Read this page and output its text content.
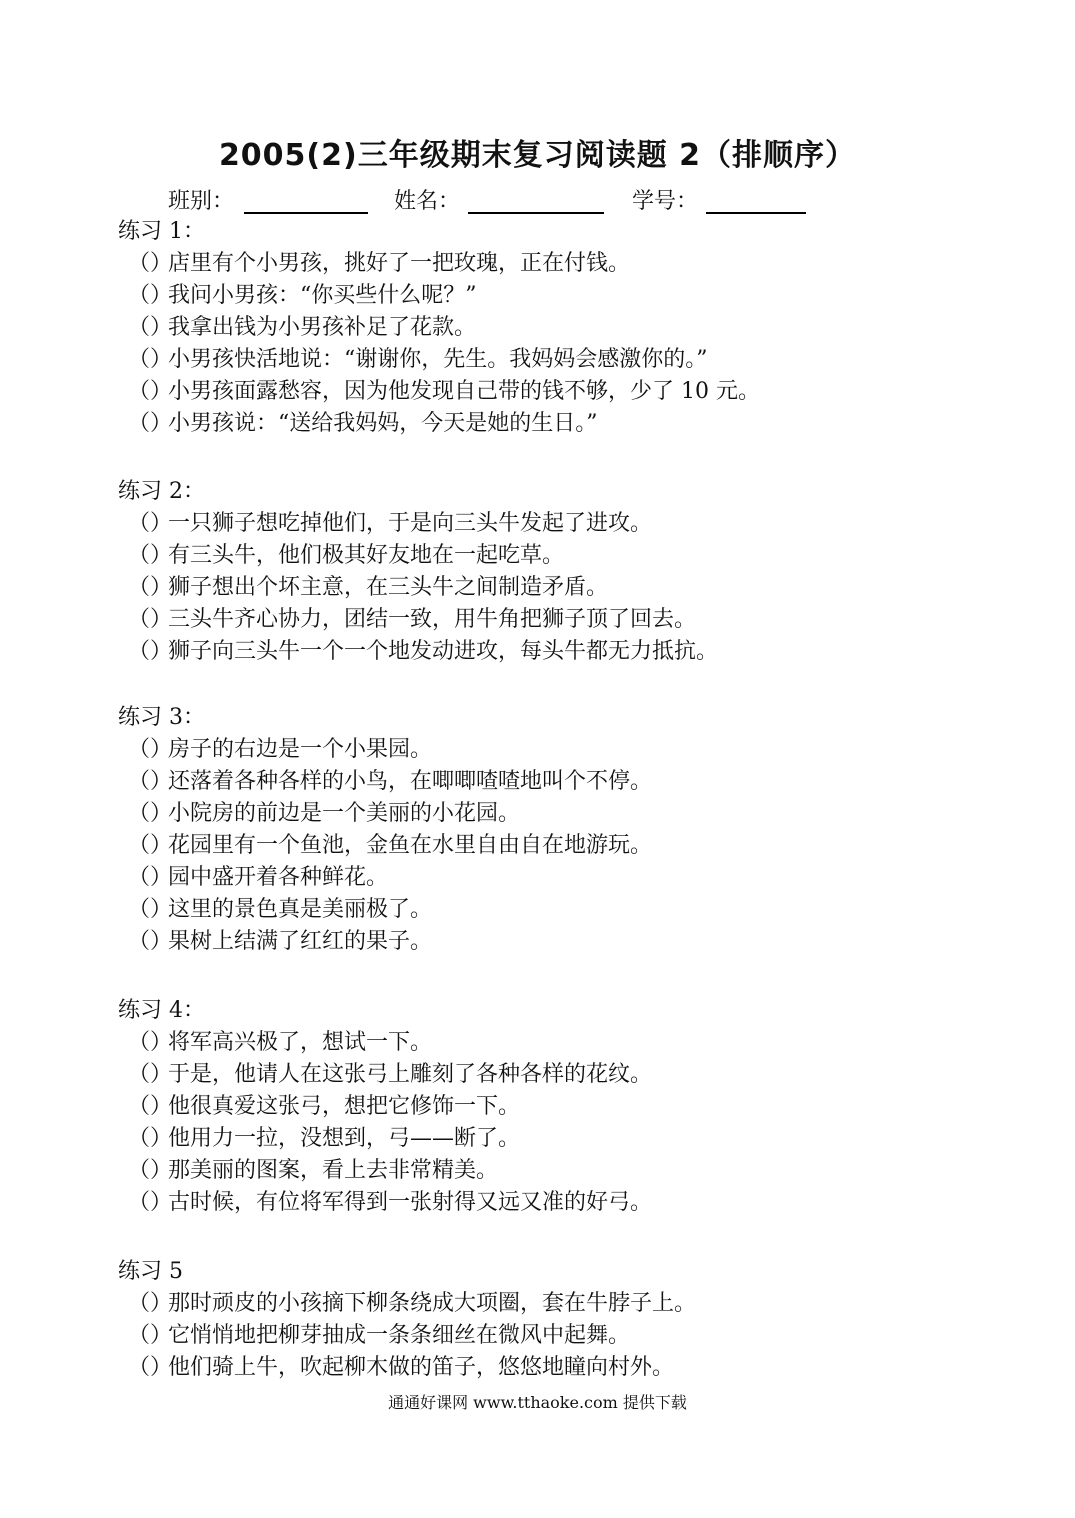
2005(2)三年级期末复习阅读题 2（排顺序）
班别：	姓名：	学号：
练习 1：
（）店里有个小男孩，挑好了一把玫瑰，正在付钱。
（）我问小男孩：“你买些什么呢？”
（）我拿出钱为小男孩补足了花款。
（）小男孩快活地说：“谢谢你，先生。我妈妈会感激你的。”
（）小男孩面露愁容，因为他发现自己带的钱不够，少了 10 元。
（）小男孩说：“送给我妈妈，今天是她的生日。”
练习 2：
（）一只狮子想吃掉他们，于是向三头牛发起了进攻。
（）有三头牛，他们极其好友地在一起吃草。
（）狮子想出个坏主意，在三头牛之间制造矛盾。
（）三头牛齐心协力，团结一致，用牛角把狮子顶了回去。
（）狮子向三头牛一个一个地发动进攻，每头牛都无力抵抗。
练习 3：
（）房子的右边是一个小果园。
（）还落着各种各样的小鸟，在唧唧喳喳地叫个不停。
（）小院房的前边是一个美丽的小花园。
（）花园里有一个鱼池，金鱼在水里自由自在地游玩。
（）园中盛开着各种鲜花。
（）这里的景色真是美丽极了。
（）果树上结满了红红的果子。
练习 4：
（）将军高兴极了，想试一下。
（）于是，他请人在这张弓上雕刻了各种各样的花纹。
（）他很真爱这张弓，想把它修饰一下。
（）他用力一拉，没想到，弓——断了。
（）那美丽的图案，看上去非常精美。
（）古时候，有位将军得到一张射得又远又准的好弓。
练习 5
（）那时顽皮的小孩摘下柳条绕成大项圈，套在牛脖子上。
（）它悄悄地把柳芽抽成一条条细丝在微风中起舞。
（）他们骑上牛，吹起柳木做的笛子，悠悠地瞳向村外。
通通好课网 www.tthaoke.com 提供下载
